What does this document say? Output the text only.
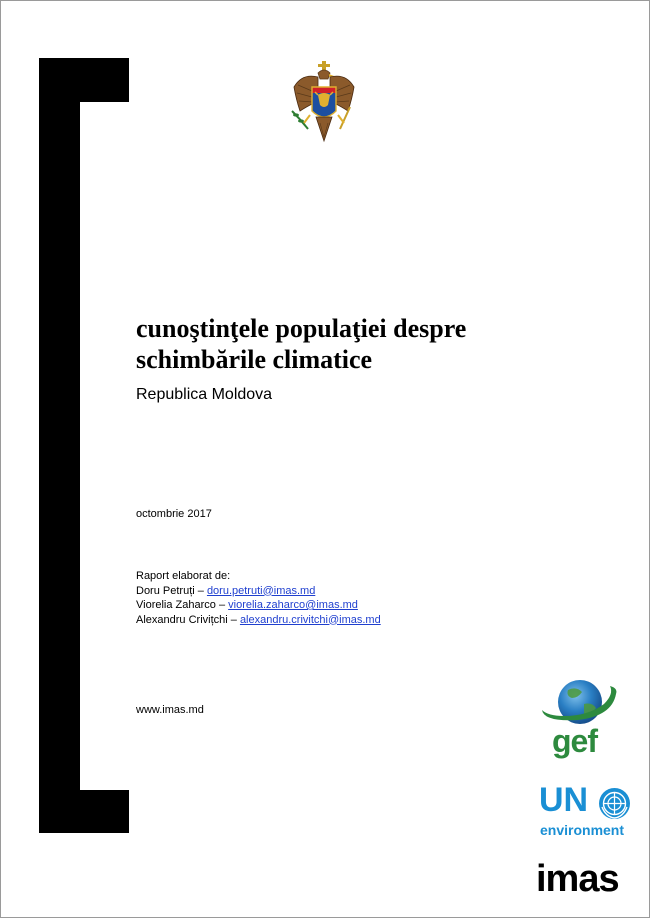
cunoştinţele populaţiei despre
schimbările climatice
Republica Moldova
octombrie 2017
Raport elaborat de:
Doru Petruți – doru.petruti@imas.md
Viorelia Zaharco – viorelia.zaharco@imas.md
Alexandru Crivițchi – alexandru.crivitchi@imas.md
www.imas.md
gef
UN
environment
imas
